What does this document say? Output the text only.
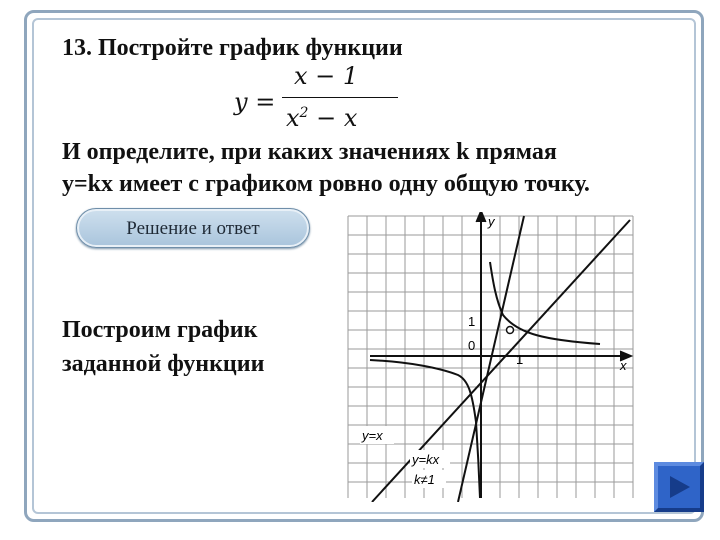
13. Постройте график функции
y =
x − 1
$x^2 - x$
И определите, при каких значениях k прямая
y=kx имеет с графиком ровно одну общую точку.
Решение и ответ
Построим график
заданной функции	1
1
0
x
y
y=x
y=kx
k≠1
